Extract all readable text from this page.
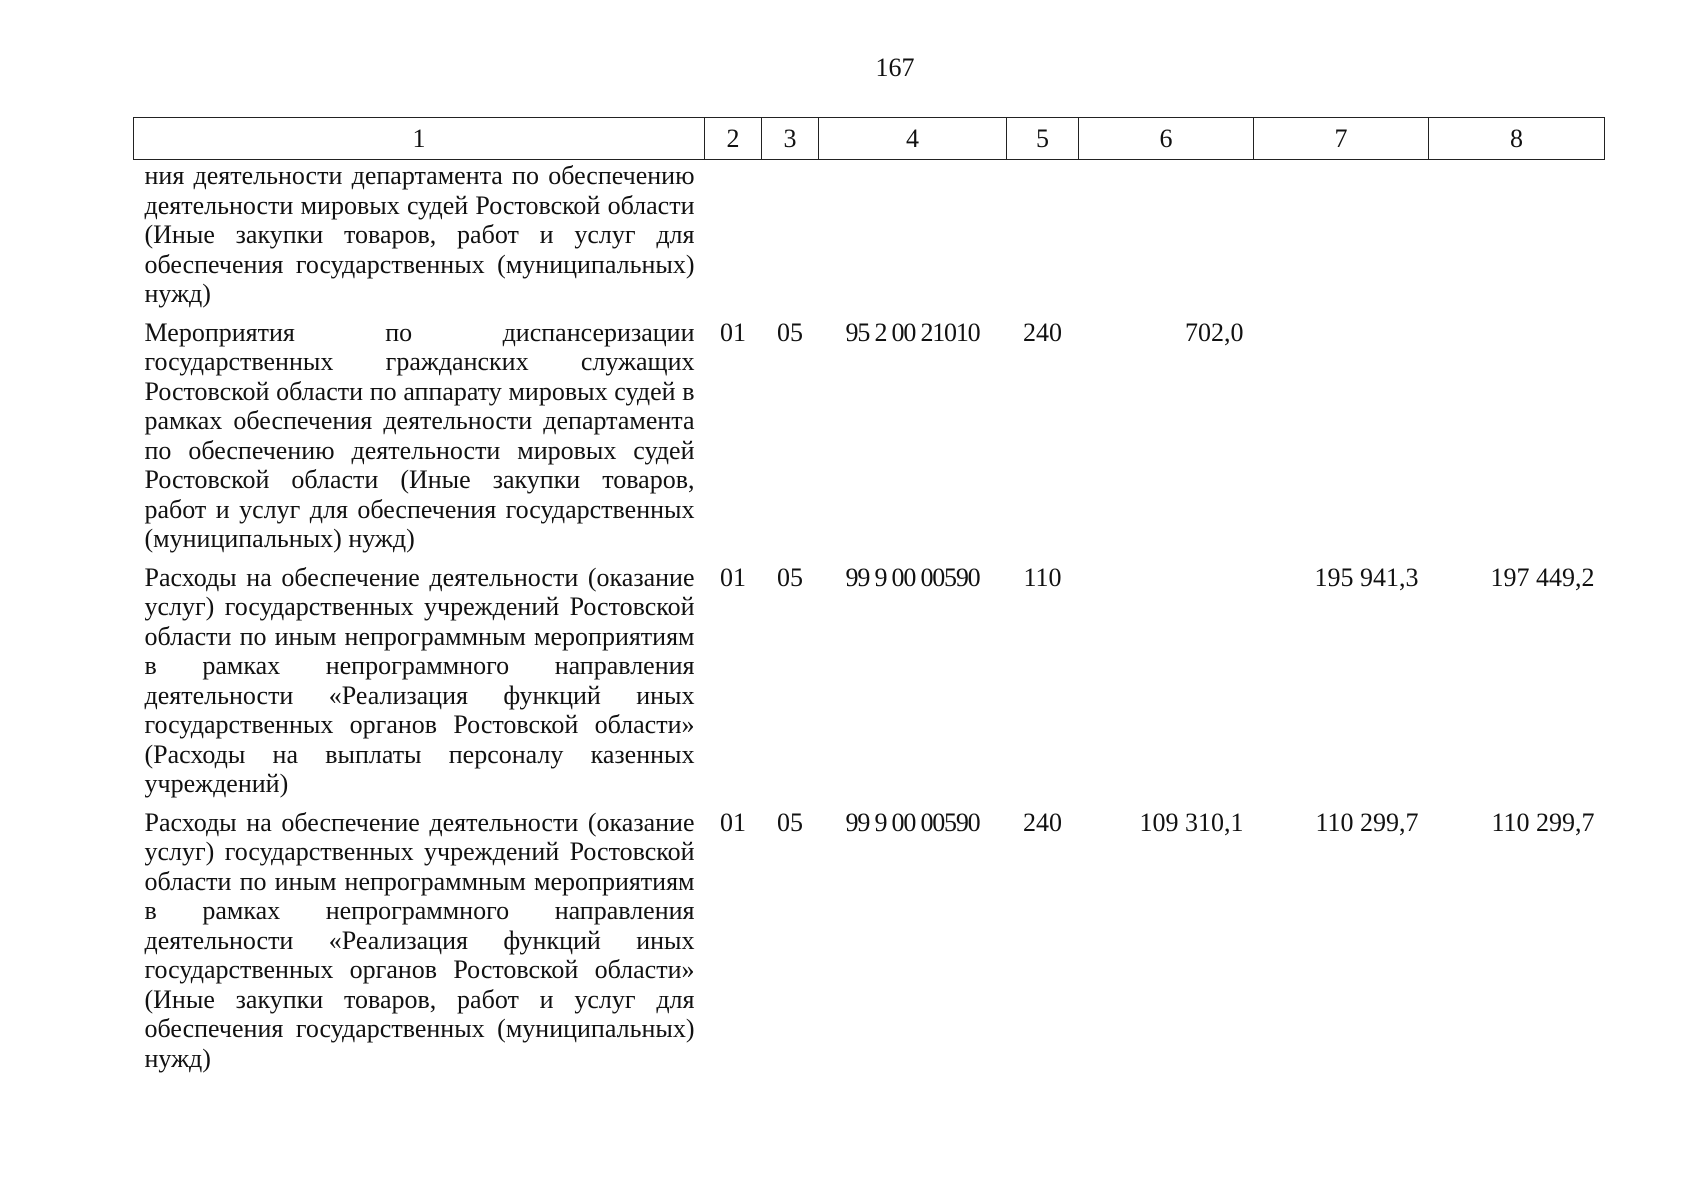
167
1	2	3	4	5	6	7	8
ния деятельности департамента по обеспечению деятельности мировых судей Ростовской области (Иные закупки товаров, работ и услуг для обеспечения государственных (муниципальных) нужд)							
Мероприятия по диспансеризации государственных гражданских служащих Ростовской области по аппарату мировых судей в рамках обеспечения деятельности департамента по обеспечению деятельности мировых судей Ростовской области (Иные закупки товаров, работ и услуг для обеспечения государственных (муниципальных) нужд)	01	05	95 2 00 21010	240	702,0		
Расходы на обеспечение деятельности (оказание услуг) государственных учреждений Ростовской области по иным непрограммным мероприятиям в рамках непрограммного направления деятельности «Реализация функций иных государственных органов Ростовской области» (Расходы на выплаты персоналу казенных учреждений)	01	05	99 9 00 00590	110		195 941,3	197 449,2
Расходы на обеспечение деятельности (оказание услуг) государственных учреждений Ростовской области по иным непрограммным мероприятиям в рамках непрограммного направления деятельности «Реализация функций иных государственных органов Ростовской области» (Иные закупки товаров, работ и услуг для обеспечения государственных (муниципальных) нужд)	01	05	99 9 00 00590	240	109 310,1	110 299,7	110 299,7
